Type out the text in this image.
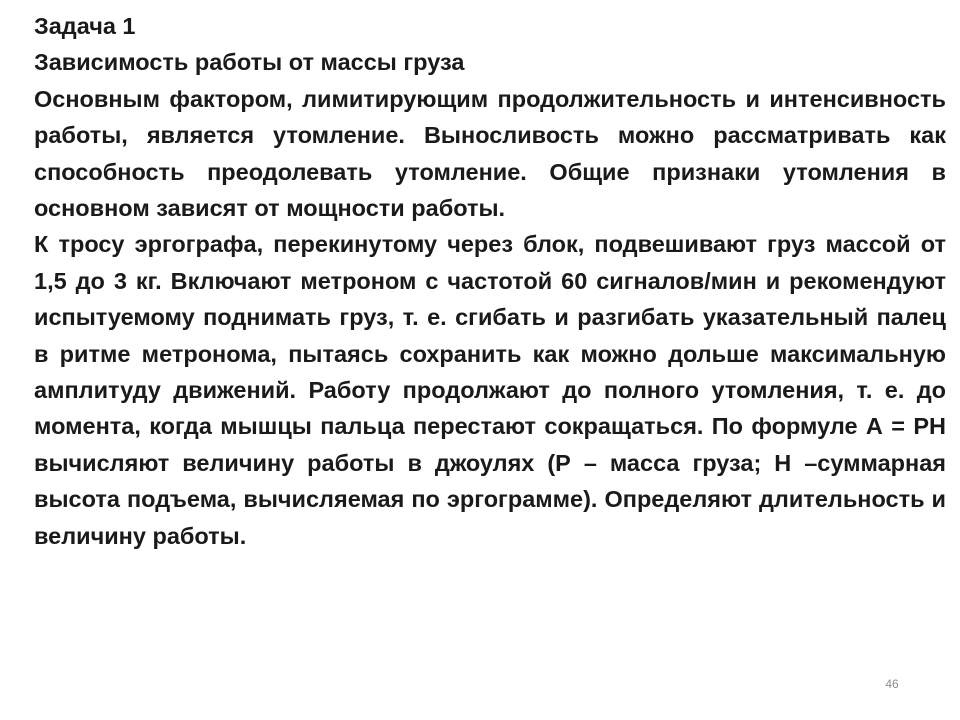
Задача 1

Зависимость работы от массы груза

Основным фактором, лимитирующим продолжительность и интенсивность работы, является утомление. Выносливость можно рассматривать как способность преодолевать утомление. Общие признаки утомления в основном зависят от мощности работы.

К тросу эргографа, перекинутому через блок, подвешивают груз массой от 1,5 до 3 кг. Включают метроном с частотой 60 сигналов/мин и рекомендуют испытуемому поднимать груз, т. е. сгибать и разгибать указательный палец в ритме метронома, пытаясь сохранить как можно дольше максимальную амплитуду движений. Работу продолжают до полного утомления, т. е. до момента, когда мышцы пальца перестают сокращаться. По формуле А = РН вычисляют величину работы в джоулях (Р – масса груза; Н –суммарная высота подъема, вычисляемая по эргограмме). Определяют длительность и величину работы.

46
